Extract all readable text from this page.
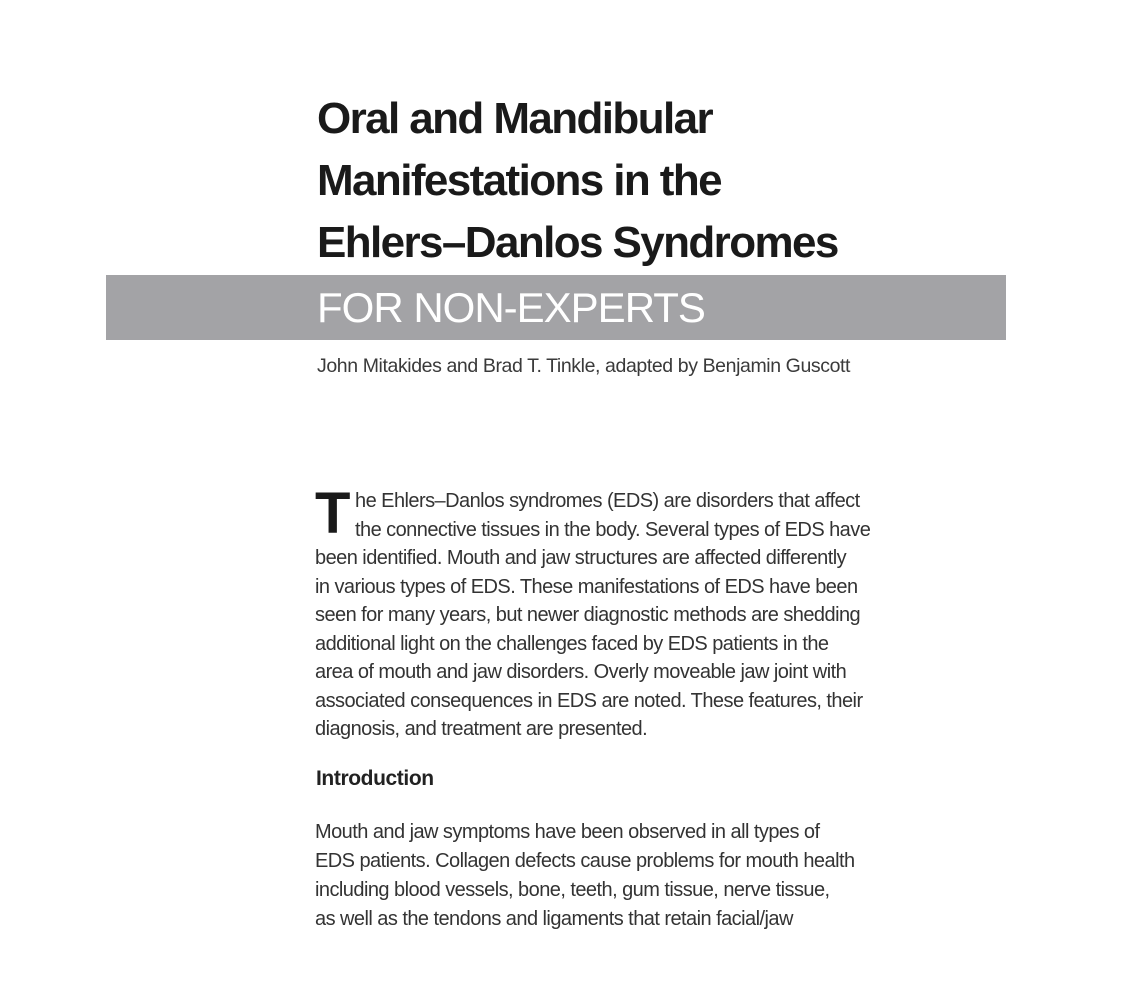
Oral and Mandibular
Manifestations in the
Ehlers–Danlos Syndromes
FOR NON-EXPERTS
John Mitakides and Brad T. Tinkle, adapted by Benjamin Guscott
T he Ehlers–Danlos syndromes (EDS) are disorders that affect
the connective tissues in the body. Several types of EDS have
been identified. Mouth and jaw structures are affected differently
in various types of EDS. These manifestations of EDS have been
seen for many years, but newer diagnostic methods are shedding
additional light on the challenges faced by EDS patients in the
area of mouth and jaw disorders. Overly moveable jaw joint with
associated consequences in EDS are noted. These features, their
diagnosis, and treatment are presented.
Introduction
Mouth and jaw symptoms have been observed in all types of
EDS patients. Collagen defects cause problems for mouth health
including blood vessels, bone, teeth, gum tissue, nerve tissue,
as well as the tendons and ligaments that retain facial/jaw
